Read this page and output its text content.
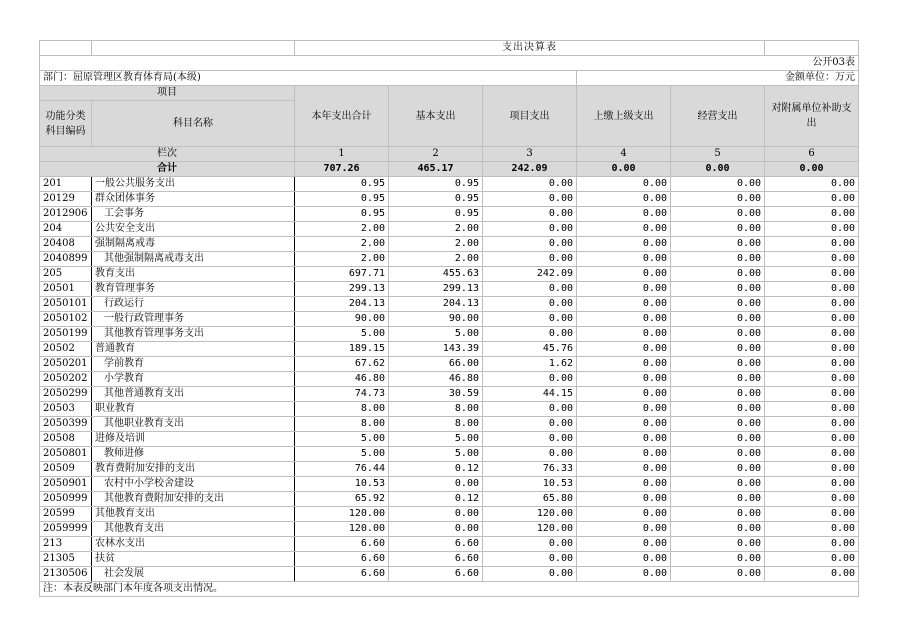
		支出决算表					
公开03表							
部门：屈原管理区教育体育局(本级)					金额单位：万元		
项目		本年支出合计	基本支出	项目支出	上缴上级支出	经营支出	对附属单位补助支出
功能分类科目编码	科目名称						
栏次		1	2	3	4	5	6
合计		707.26	465.17	242.09	0.00	0.00	0.00
201	一般公共服务支出	0.95	0.95	0.00	0.00	0.00	0.00
20129	群众团体事务	0.95	0.95	0.00	0.00	0.00	0.00
2012906	工会事务	0.95	0.95	0.00	0.00	0.00	0.00
204	公共安全支出	2.00	2.00	0.00	0.00	0.00	0.00
20408	强制隔离戒毒	2.00	2.00	0.00	0.00	0.00	0.00
2040899	其他强制隔离戒毒支出	2.00	2.00	0.00	0.00	0.00	0.00
205	教育支出	697.71	455.63	242.09	0.00	0.00	0.00
20501	教育管理事务	299.13	299.13	0.00	0.00	0.00	0.00
2050101	行政运行	204.13	204.13	0.00	0.00	0.00	0.00
2050102	一般行政管理事务	90.00	90.00	0.00	0.00	0.00	0.00
2050199	其他教育管理事务支出	5.00	5.00	0.00	0.00	0.00	0.00
20502	普通教育	189.15	143.39	45.76	0.00	0.00	0.00
2050201	学前教育	67.62	66.00	1.62	0.00	0.00	0.00
2050202	小学教育	46.80	46.80	0.00	0.00	0.00	0.00
2050299	其他普通教育支出	74.73	30.59	44.15	0.00	0.00	0.00
20503	职业教育	8.00	8.00	0.00	0.00	0.00	0.00
2050399	其他职业教育支出	8.00	8.00	0.00	0.00	0.00	0.00
20508	进修及培训	5.00	5.00	0.00	0.00	0.00	0.00
2050801	教师进修	5.00	5.00	0.00	0.00	0.00	0.00
20509	教育费附加安排的支出	76.44	0.12	76.33	0.00	0.00	0.00
2050901	农村中小学校舍建设	10.53	0.00	10.53	0.00	0.00	0.00
2050999	其他教育费附加安排的支出	65.92	0.12	65.80	0.00	0.00	0.00
20599	其他教育支出	120.00	0.00	120.00	0.00	0.00	0.00
2059999	其他教育支出	120.00	0.00	120.00	0.00	0.00	0.00
213	农林水支出	6.60	6.60	0.00	0.00	0.00	0.00
21305	扶贫	6.60	6.60	0.00	0.00	0.00	0.00
2130506	社会发展	6.60	6.60	0.00	0.00	0.00	0.00
注：本表反映部门本年度各项支出情况。							
